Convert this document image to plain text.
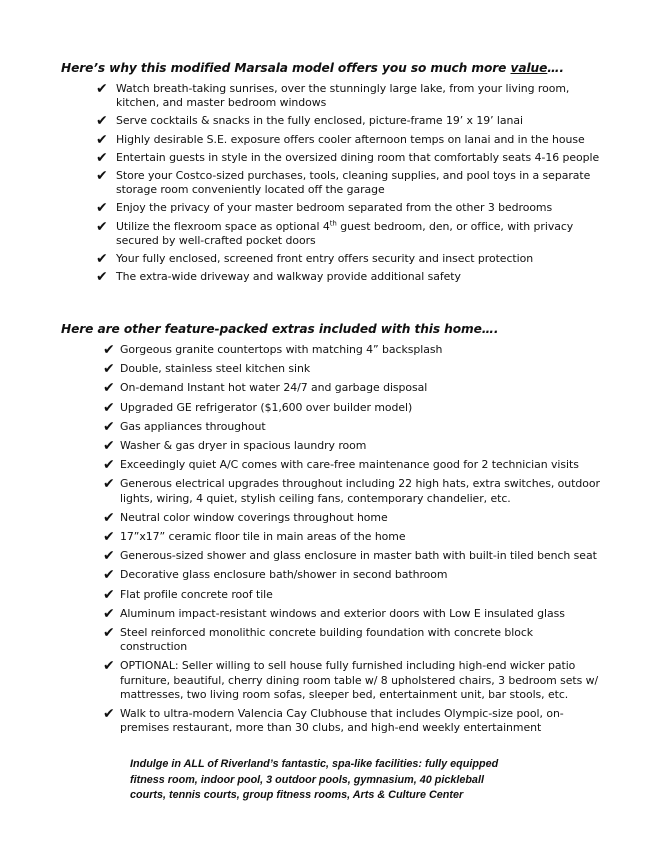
Here’s why this modified Marsala model offers you so much more value….
✔ Watch breath-taking sunrises, over the stunningly large lake, from your living room, kitchen, and master bedroom windows
✔ Serve cocktails & snacks in the fully enclosed, picture-frame 19’ x 19’ lanai
✔ Highly desirable S.E. exposure offers cooler afternoon temps on lanai and in the house
✔ Entertain guests in style in the oversized dining room that comfortably seats 4-16 people
✔ Store your Costco-sized purchases, tools, cleaning supplies, and pool toys in a separate storage room conveniently located off the garage
✔ Enjoy the privacy of your master bedroom separated from the other 3 bedrooms
✔ Utilize the flexroom space as optional 4th guest bedroom, den, or office, with privacy secured by well-crafted pocket doors
✔ Your fully enclosed, screened front entry offers security and insect protection
✔ The extra-wide driveway and walkway provide additional safety
Here are other feature-packed extras included with this home….
✔ Gorgeous granite countertops with matching 4” backsplash
✔ Double, stainless steel kitchen sink
✔ On-demand Instant hot water 24/7 and garbage disposal
✔ Upgraded GE refrigerator ($1,600 over builder model)
✔ Gas appliances throughout
✔ Washer & gas dryer in spacious laundry room
✔ Exceedingly quiet A/C comes with care-free maintenance good for 2 technician visits
✔ Generous electrical upgrades throughout including 22 high hats, extra switches, outdoor lights, wiring, 4 quiet, stylish ceiling fans, contemporary chandelier, etc.
✔ Neutral color window coverings throughout home
✔ 17”x17” ceramic floor tile in main areas of the home
✔ Generous-sized shower and glass enclosure in master bath with built-in tiled bench seat
✔ Decorative glass enclosure bath/shower in second bathroom
✔ Flat profile concrete roof tile
✔ Aluminum impact-resistant windows and exterior doors with Low E insulated glass
✔ Steel reinforced monolithic concrete building foundation with concrete block construction
✔ OPTIONAL: Seller willing to sell house fully furnished including high-end wicker patio furniture, beautiful, cherry dining room table w/ 8 upholstered chairs, 3 bedroom sets w/ mattresses, two living room sofas, sleeper bed, entertainment unit, bar stools, etc.
✔ Walk to ultra-modern Valencia Cay Clubhouse that includes Olympic-size pool, on-premises restaurant, more than 30 clubs, and high-end weekly entertainment
Indulge in ALL of Riverland’s fantastic, spa-like facilities: fully equipped fitness room, indoor pool, 3 outdoor pools, gymnasium, 40 pickleball courts, tennis courts, group fitness rooms, Arts & Culture Center
